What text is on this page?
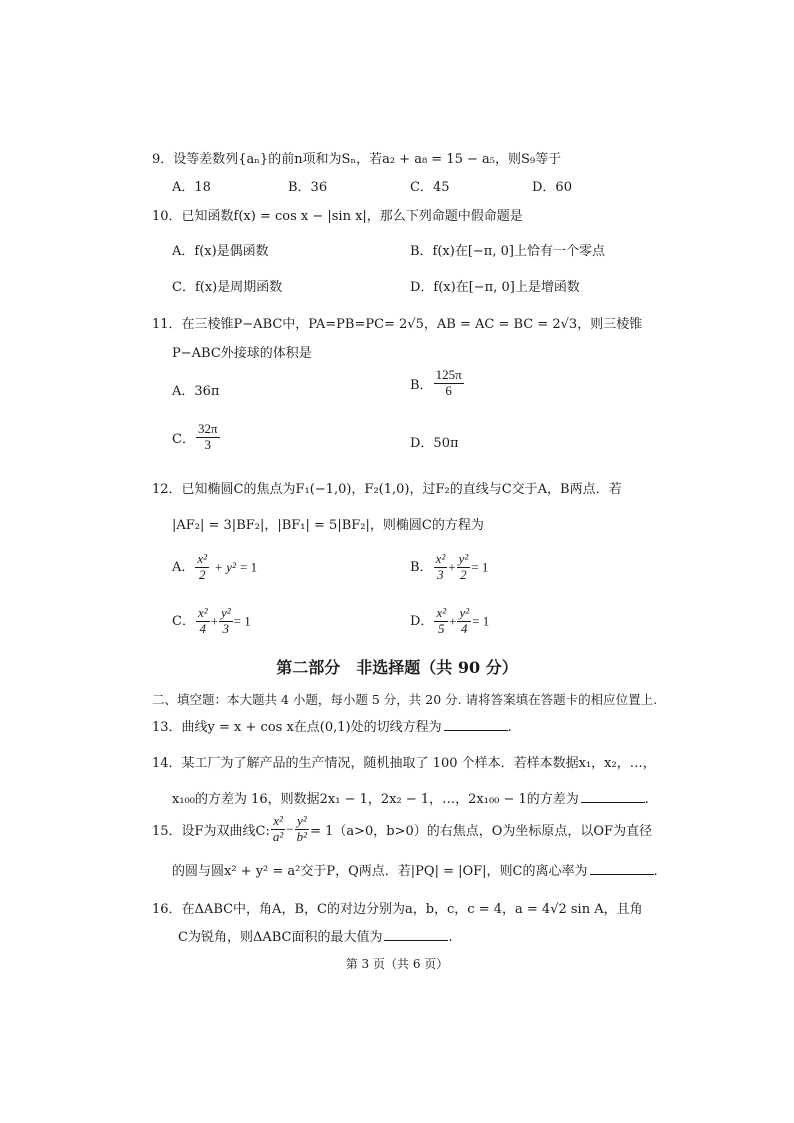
9．设等差数列{aₙ}的前n项和为Sₙ，若a₂ + a₈ = 15 − a₅，则S₉等于
A．18	B．36	C．45	D．60
10．已知函数f(x) = cos x − |sin x|，那么下列命题中假命题是
A．f(x)是偶函数	B．f(x)在[−π, 0]上恰有一个零点
C．f(x)是周期函数	D．f(x)在[−π, 0]上是增函数
11．在三棱锥P−ABC中，PA=PB=PC= 2√5，AB = AC = BC = 2√3，则三棱锥
P−ABC外接球的体积是
A．36π	B． $\frac{125\pi}{6}$
C． $\frac{32\pi}{3}$	D．50π
12．已知椭圆C的焦点为F₁(−1,0)，F₂(1,0)，过F₂的直线与C交于A，B两点．若
|AF₂| = 3|BF₂|，|BF₁| = 5|BF₂|，则椭圆C的方程为
A． $\frac{\text{x²}}{2} + y^2 = 1$	B． $\frac{\text{x²}}{3} + \frac{\text{y²}}{2} = 1$
C． $\frac{\text{x²}}{4} + \frac{\text{y²}}{3} = 1$	D． $\frac{\text{x²}}{5} + \frac{\text{y²}}{4} = 1$
第二部分　非选择题（共 90 分）
二、填空题：本大题共 4 小题，每小题 5 分，共 20 分. 请将答案填在答题卡的相应位置上.
13．曲线y = x + cos x在点(0,1)处的切线方程为	.
14．某工厂为了解产品的生产情况，随机抽取了 100 个样本．若样本数据x₁，x₂，…，
x₁₀₀的方差为 16，则数据2x₁ − 1，2x₂ − 1，…，2x₁₀₀ − 1的方差为	.
15．设F为双曲线C: $\frac{\text{x²}}{\text{a²}} - \frac{\text{y²}}{\text{b²}} = 1(a>0$，b>0）的右焦点，O为坐标原点，以OF为直径
的圆与圆x² + y² = a²交于P，Q两点．若|PQ| = |OF|，则C的离心率为	.
16．在ΔABC中，角A，B，C的对边分别为a，b，c，c = 4，a = 4√2 sin A，且角
C为锐角，则ΔABC面积的最大值为	.
第 3 页（共 6 页）
